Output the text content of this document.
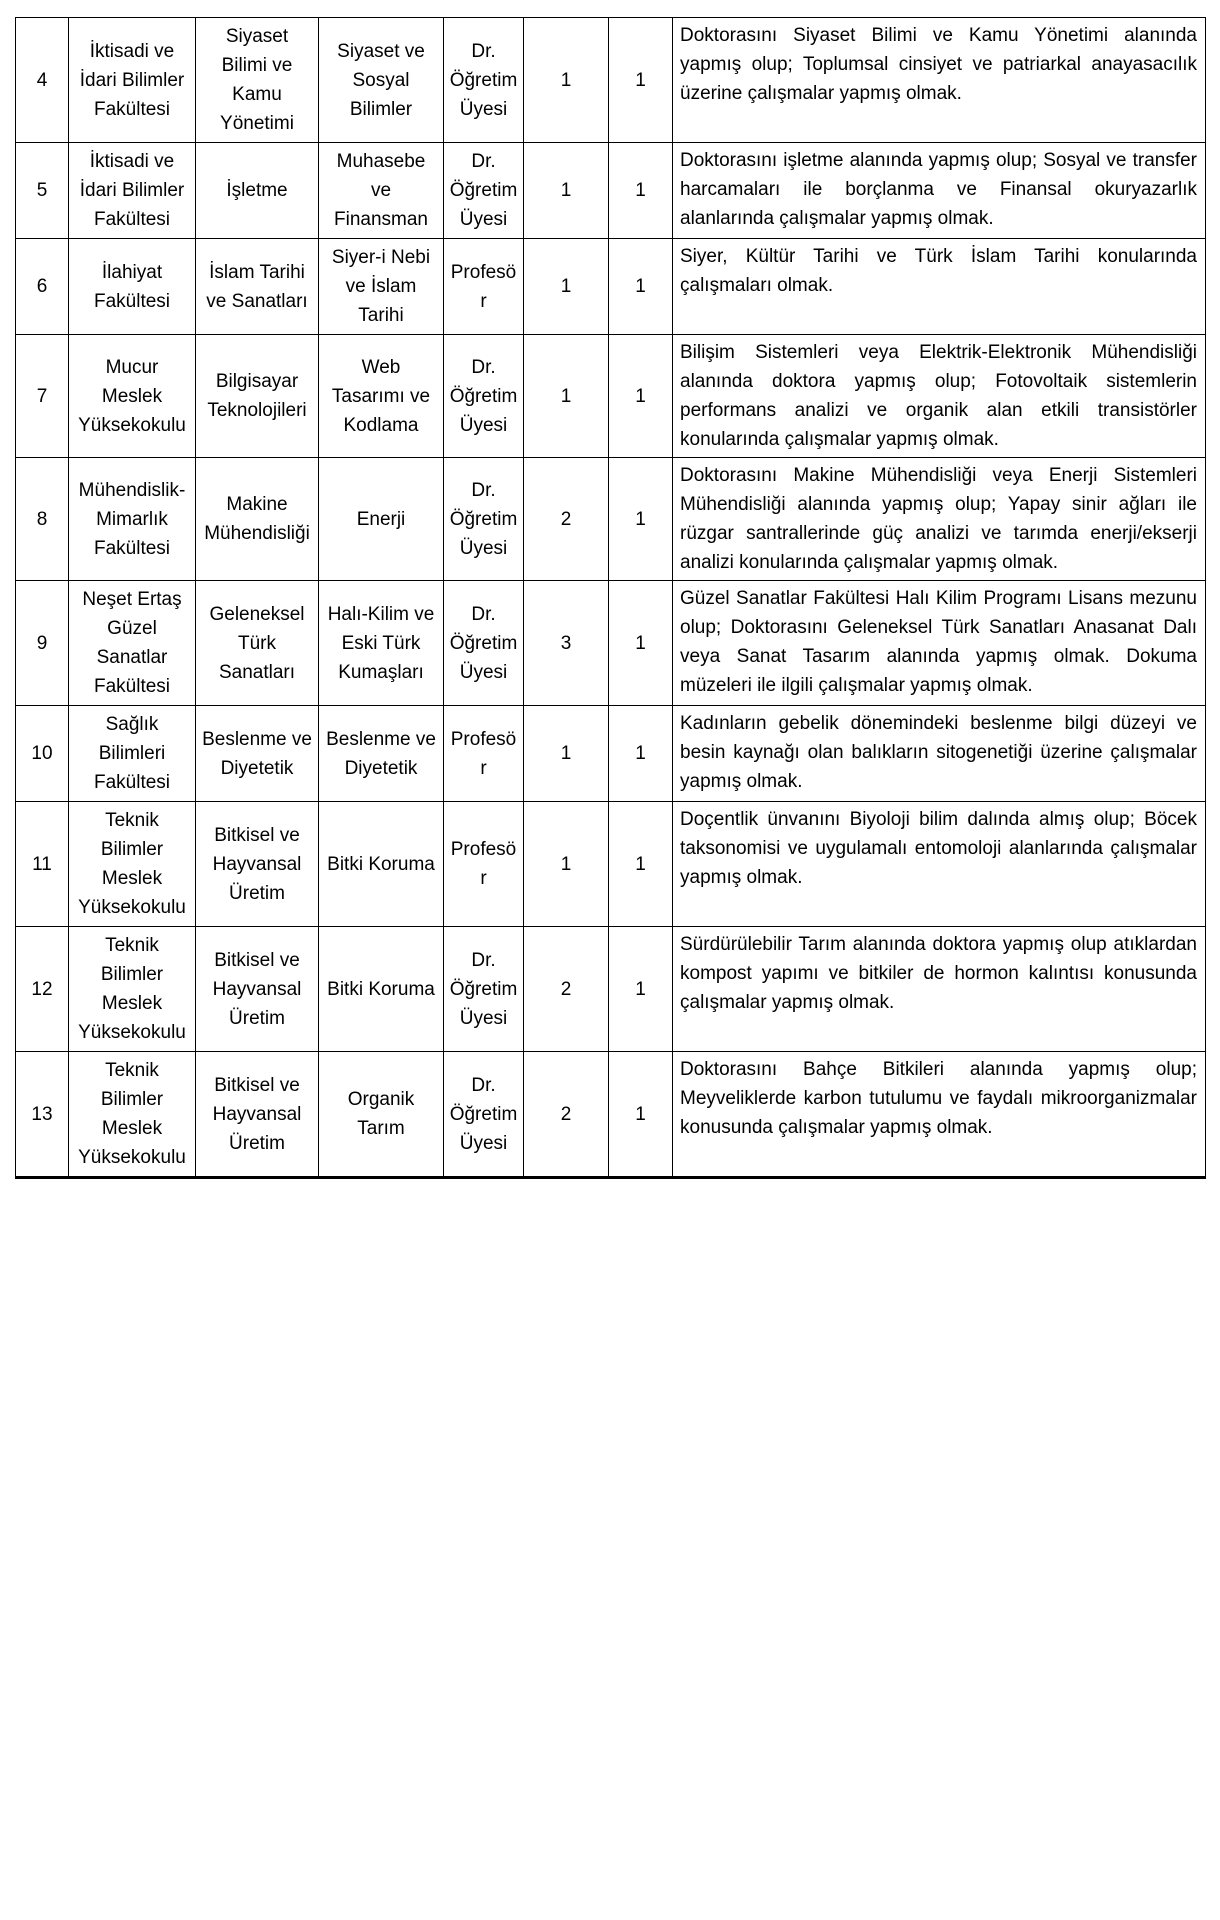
4	İktisadi ve İdari Bilimler Fakültesi	Siyaset Bilimi ve Kamu Yönetimi	Siyaset ve Sosyal Bilimler	Dr. Öğretim Üyesi	1	1	Doktorasını Siyaset Bilimi ve Kamu Yönetimi alanında yapmış olup; Toplumsal cinsiyet ve patriarkal anayasacılık üzerine çalışmalar yapmış olmak.
5	İktisadi ve İdari Bilimler Fakültesi	İşletme	Muhasebe ve Finansman	Dr. Öğretim Üyesi	1	1	Doktorasını işletme alanında yapmış olup; Sosyal ve transfer harcamaları ile borçlanma ve Finansal okuryazarlık alanlarında çalışmalar yapmış olmak.
6	İlahiyat Fakültesi	İslam Tarihi ve Sanatları	Siyer-i Nebi ve İslam Tarihi	Profesör	1	1	Siyer, Kültür Tarihi ve Türk İslam Tarihi konularında çalışmaları olmak.
7	Mucur Meslek Yüksekokulu	Bilgisayar Teknolojileri	Web Tasarımı ve Kodlama	Dr. Öğretim Üyesi	1	1	Bilişim Sistemleri veya Elektrik-Elektronik Mühendisliği alanında doktora yapmış olup; Fotovoltaik sistemlerin performans analizi ve organik alan etkili transistörler konularında çalışmalar yapmış olmak.
8	Mühendislik-Mimarlık Fakültesi	Makine Mühendisliği	Enerji	Dr. Öğretim Üyesi	2	1	Doktorasını Makine Mühendisliği veya Enerji Sistemleri Mühendisliği alanında yapmış olup; Yapay sinir ağları ile rüzgar santrallerinde güç analizi ve tarımda enerji/ekserji analizi konularında çalışmalar yapmış olmak.
9	Neşet Ertaş Güzel Sanatlar Fakültesi	Geleneksel Türk Sanatları	Halı-Kilim ve Eski Türk Kumaşları	Dr. Öğretim Üyesi	3	1	Güzel Sanatlar Fakültesi Halı Kilim Programı Lisans mezunu olup; Doktorasını Geleneksel Türk Sanatları Anasanat Dalı veya Sanat Tasarım alanında yapmış olmak. Dokuma müzeleri ile ilgili çalışmalar yapmış olmak.
10	Sağlık Bilimleri Fakültesi	Beslenme ve Diyetetik	Beslenme ve Diyetetik	Profesör	1	1	Kadınların gebelik dönemindeki beslenme bilgi düzeyi ve besin kaynağı olan balıkların sitogenetiği üzerine çalışmalar yapmış olmak.
11	Teknik Bilimler Meslek Yüksekokulu	Bitkisel ve Hayvansal Üretim	Bitki Koruma	Profesör	1	1	Doçentlik ünvanını Biyoloji bilim dalında almış olup; Böcek taksonomisi ve uygulamalı entomoloji alanlarında çalışmalar yapmış olmak.
12	Teknik Bilimler Meslek Yüksekokulu	Bitkisel ve Hayvansal Üretim	Bitki Koruma	Dr. Öğretim Üyesi	2	1	Sürdürülebilir Tarım alanında doktora yapmış olup atıklardan kompost yapımı ve bitkiler de hormon kalıntısı konusunda çalışmalar yapmış olmak.
13	Teknik Bilimler Meslek Yüksekokulu	Bitkisel ve Hayvansal Üretim	Organik Tarım	Dr. Öğretim Üyesi	2	1	Doktorasını Bahçe Bitkileri alanında yapmış olup; Meyveliklerde karbon tutulumu ve faydalı mikroorganizmalar konusunda çalışmalar yapmış olmak.
